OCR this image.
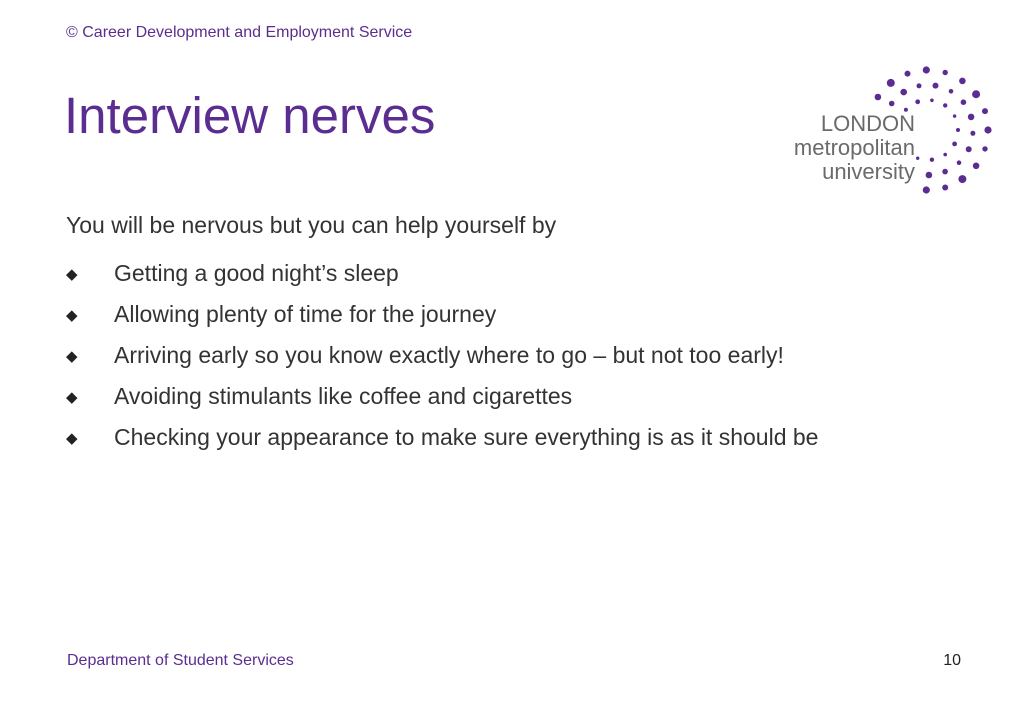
© Career Development and Employment Service
Interview nerves	LONDON
metropolitan
university
You will be nervous but you can help yourself by
◆	Getting a good night’s sleep
◆	Allowing plenty of time for the journey
◆	Arriving early so you know exactly where to go – but not too early!
◆	Avoiding stimulants like coffee and cigarettes
◆	Checking your appearance to make sure everything is as it should be
Department of Student Services	10
